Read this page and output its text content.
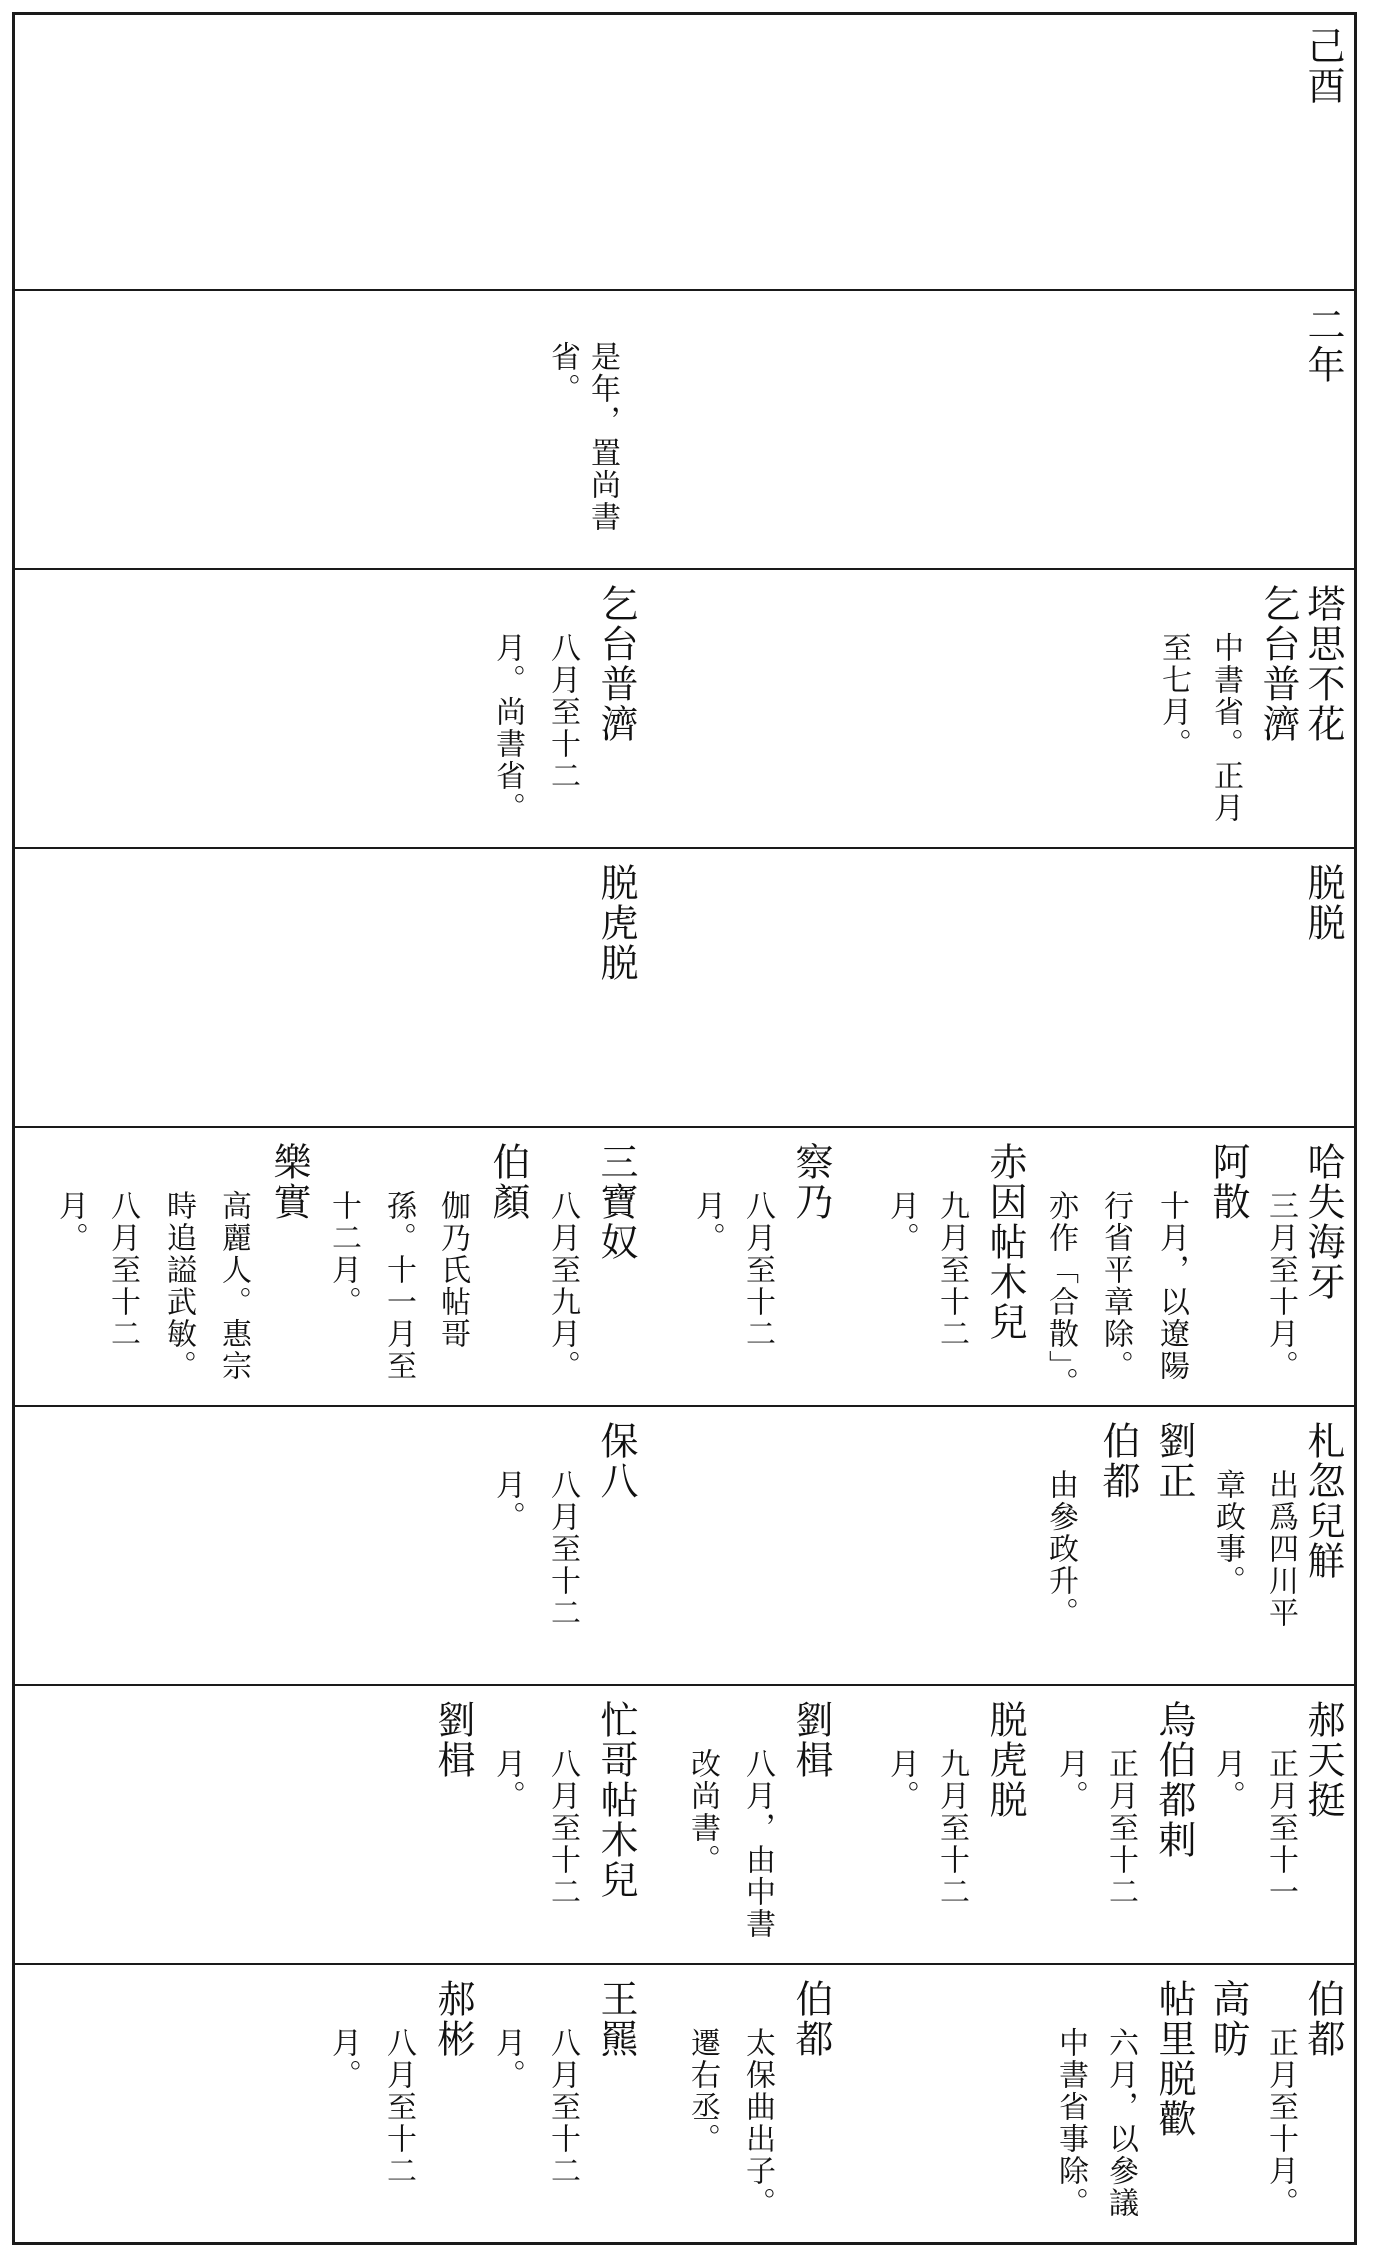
己酉
二年
是年，置尚書
省。
塔思不花
乞台普濟
中書省。正月
至七月。
乞台普濟
八月至十二
月。尚書省。
脱脱
脱虎脱
哈失海牙
三月至十月。
阿散
十月，以遼陽
行省平章除。
亦作「合散」。
赤因帖木兒
九月至十二
月。
察乃
八月至十二
月。
三寶奴
八月至九月。
伯顏
伽乃氏帖哥
孫。十一月至
十二月。
樂實
高麗人。惠宗
時追謚武敏。
八月至十二
月。
札忽兒觧
出爲四川平
章政事。
劉正
伯都
由參政升。
保八
八月至十二
月。
郝天挺
正月至十一
月。
烏伯都剌
正月至十二
月。
脱虎脱
九月至十二
月。
劉楫
八月，由中書
改尚書。
忙哥帖木兒
八月至十二
月。
劉楫
伯都
正月至十月。
高昉
帖里脱歡
六月，以參議
中書省事除。
伯都
太保曲出子。
遷右丞。
王羆
八月至十二
月。
郝彬
八月至十二
月。
